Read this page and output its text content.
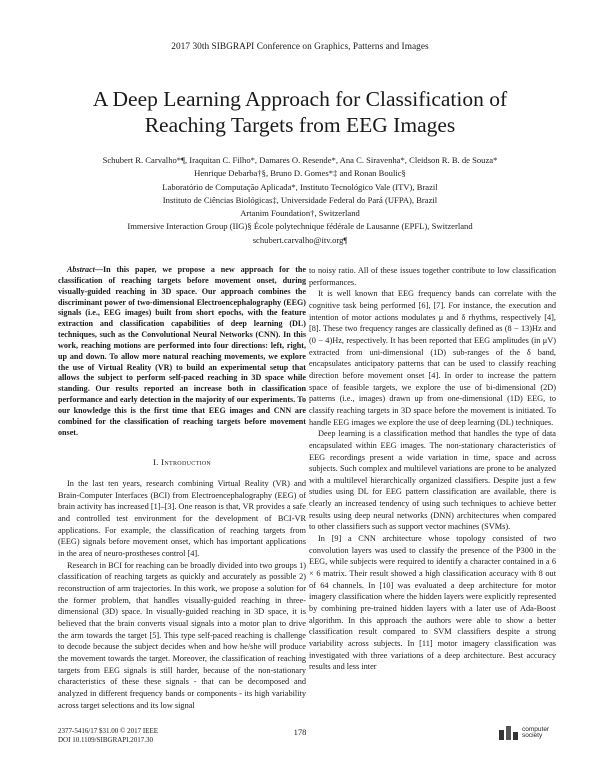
2017 30th SIBGRAPI Conference on Graphics, Patterns and Images
A Deep Learning Approach for Classification of
Reaching Targets from EEG Images
Schubert R. Carvalho*¶, Iraquitan C. Filho*, Damares O. Resende*, Ana C. Siravenha*, Cleidson R. B. de Souza*
Henrique Debarba†§, Bruno D. Gomes*‡ and Ronan Boulic§
Laboratório de Computação Aplicada*, Instituto Tecnológico Vale (ITV), Brazil
Instituto de Ciências Biológicas‡, Universidade Federal do Pará (UFPA), Brazil
Artanim Foundation†, Switzerland
Immersive Interaction Group (IIG)§ École polytechnique fédérale de Lausanne (EPFL), Switzerland
schubert.carvalho@itv.org¶

Abstract—In this paper, we propose a new approach for the classification of reaching targets before movement onset, during visually-guided reaching in 3D space. Our approach combines the discriminant power of two-dimensional Electroencephalography (EEG) signals (i.e., EEG images) built from short epochs, with the feature extraction and classification capabilities of deep learning (DL) techniques, such as the Convolutional Neural Networks (CNN). In this work, reaching motions are performed into four directions: left, right, up and down. To allow more natural reaching movements, we explore the use of Virtual Reality (VR) to build an experimental setup that allows the subject to perform self-paced reaching in 3D space while standing. Our results reported an increase both in classification performance and early detection in the majority of our experiments. To our knowledge this is the first time that EEG images and CNN are combined for the classification of reaching targets before movement onset.

I. Introduction

In the last ten years, research combining Virtual Reality (VR) and Brain-Computer Interfaces (BCI) from Electroencephalography (EEG) of brain activity has increased [1]–[3]. One reason is that, VR provides a safe and controlled test environment for the development of BCI-VR applications. For example, the classification of reaching targets from (EEG) signals before movement onset, which has important applications in the area of neuro-prostheses control [4].

Research in BCI for reaching can be broadly divided into two groups 1) classification of reaching targets as quickly and accurately as possible 2) reconstruction of arm trajectories. In this work, we propose a solution for the former problem, that handles visually-guided reaching in three-dimensional (3D) space. In visually-guided reaching in 3D space, it is believed that the brain converts visual signals into a motor plan to drive the arm towards the target [5]. This type self-paced reaching is challenge to decode because the subject decides when and how he/she will produce the movement towards the target. Moreover, the classification of reaching targets from EEG signals is still harder, because of the non-stationary characteristics of these these signals - that can be decomposed and analyzed in different frequency bands or components - its high variability across target selections and its low signal

to noisy ratio. All of these issues together contribute to low classification performances.

It is well known that EEG frequency bands can correlate with the cognitive task being performed [6], [7]. For instance, the execution and intention of motor actions modulates μ and δ rhythms, respectively [4], [8]. These two frequency ranges are classically defined as (8 − 13)Hz and (0 − 4)Hz, respectively. It has been reported that EEG amplitudes (in μV) extracted from uni-dimensional (1D) sub-ranges of the δ band, encapsulates anticipatory patterns that can be used to classify reaching direction before movement onset [4]. In order to increase the pattern space of feasible targets, we explore the use of bi-dimensional (2D) patterns (i.e., images) drawn up from one-dimensional (1D) EEG, to classify reaching targets in 3D space before the movement is initiated. To handle EEG images we explore the use of deep learning (DL) techniques.

Deep learning is a classification method that handles the type of data encapsulated within EEG images. The non-stationary characteristics of EEG recordings present a wide variation in time, space and across subjects. Such complex and multilevel variations are prone to be analyzed with a multilevel hierarchically organized classifiers. Despite just a few studies using DL for EEG pattern classification are available, there is clearly an increased tendency of using such techniques to achieve better results using deep neural networks (DNN) architectures when compared to other classifiers such as support vector machines (SVMs).

In [9] a CNN architecture whose topology consisted of two convolution layers was used to classify the presence of the P300 in the EEG, while subjects were required to identify a character contained in a 6 × 6 matrix. Their result showed a high classification accuracy with 8 out of 64 channels. In [10] was evaluated a deep architecture for motor imagery classification where the hidden layers were explicitly represented by combining pre-trained hidden layers with a later use of Ada-Boost algorithm. In this approach the authors were able to show a better classification result compared to SVM classifiers despite a strong variability across subjects. In [11] motor imagery classification was investigated with three variations of a deep architecture. Best accuracy results and less inter

2377-5416/17 $31.00 © 2017 IEEE
DOI 10.1109/SIBGRAPI.2017.30
178	computer
society
